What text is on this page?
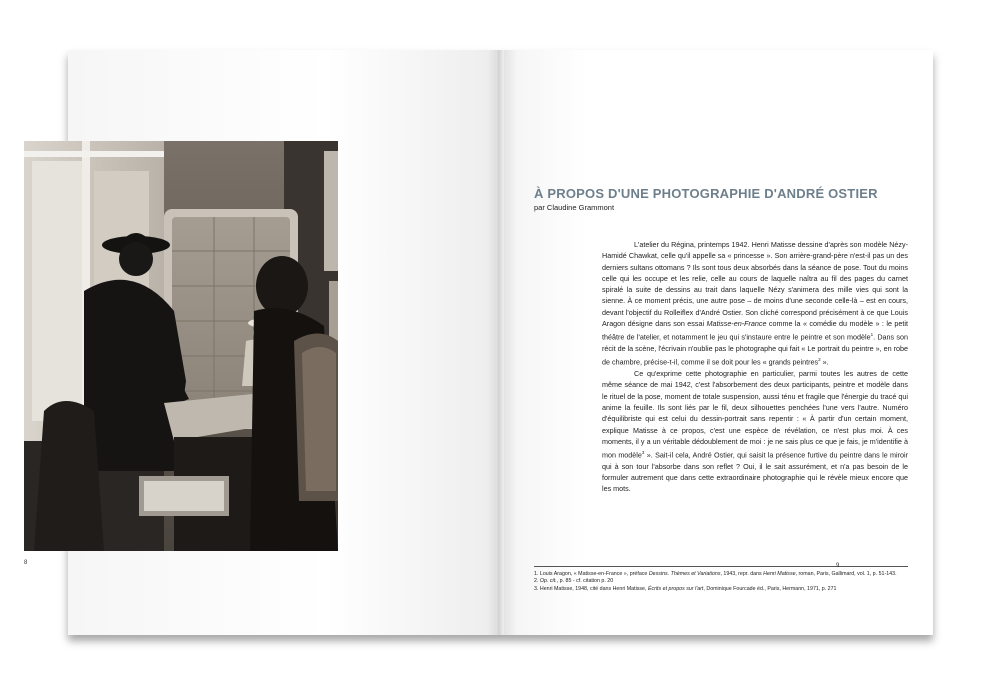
8
À PROPOS D'UNE PHOTOGRAPHIE D'ANDRÉ OSTIER

par Claudine Grammont

L'atelier du Régina, printemps 1942. Henri Matisse dessine d'après son modèle Nézy-Hamidé Chawkat, celle qu'il appelle sa « princesse ». Son arrière-grand-père n'est-il pas un des derniers sultans ottomans ? Ils sont tous deux absorbés dans la séance de pose. Tout du moins celle qui les occupe et les relie, celle au cours de laquelle naîtra au fil des pages du carnet spiralé la suite de dessins au trait dans laquelle Nézy s'animera des mille vies qui sont la sienne. À ce moment précis, une autre pose – de moins d'une seconde celle-là – est en cours, devant l'objectif du Rolleiflex d'André Ostier. Son cliché correspond précisément à ce que Louis Aragon désigne dans son essai Matisse-en-France comme la « comédie du modèle » : le petit théâtre de l'atelier, et notamment le jeu qui s'instaure entre le peintre et son modèle$^1$. Dans son récit de la scène, l'écrivain n'oublie pas le photographe qui fait « Le portrait du peintre », en robe de chambre, précise-t-il, comme il se doit pour les « grands peintres$^2$ ».

Ce qu'exprime cette photographie en particulier, parmi toutes les autres de cette même séance de mai 1942, c'est l'absorbement des deux participants, peintre et modèle dans le rituel de la pose, moment de totale suspension, aussi ténu et fragile que l'énergie du tracé qui anime la feuille. Ils sont liés par le fil, deux silhouettes penchées l'une vers l'autre. Numéro d'équilibriste qui est celui du dessin-portrait sans repentir : « À partir d'un certain moment, explique Matisse à ce propos, c'est une espèce de révélation, ce n'est plus moi. À ces moments, il y a un véritable dédoublement de moi : je ne sais plus ce que je fais, je m'identifie à mon modèle$^3$ ». Sait-il cela, André Ostier, qui saisit la présence furtive du peintre dans le miroir qui à son tour l'absorbe dans son reflet ? Oui, il le sait assurément, et n'a pas besoin de le formuler autrement que dans cette extraordinaire photographie qui le révèle mieux encore que les mots.

1. Louis Aragon, « Matisse-en-France », préface Dessins. Thèmes et Variations, 1943, repr. dans Henri Matisse, roman, Paris, Gallimard, vol. 1, p. 51-143.
2. Op. cit., p. 85 - cf. citation p. 20
3. Henri Matisse, 1948, cité dans Henri Matisse, Écrits et propos sur l'art, Dominique Fourcade éd., Paris, Hermann, 1971, p. 271
9
